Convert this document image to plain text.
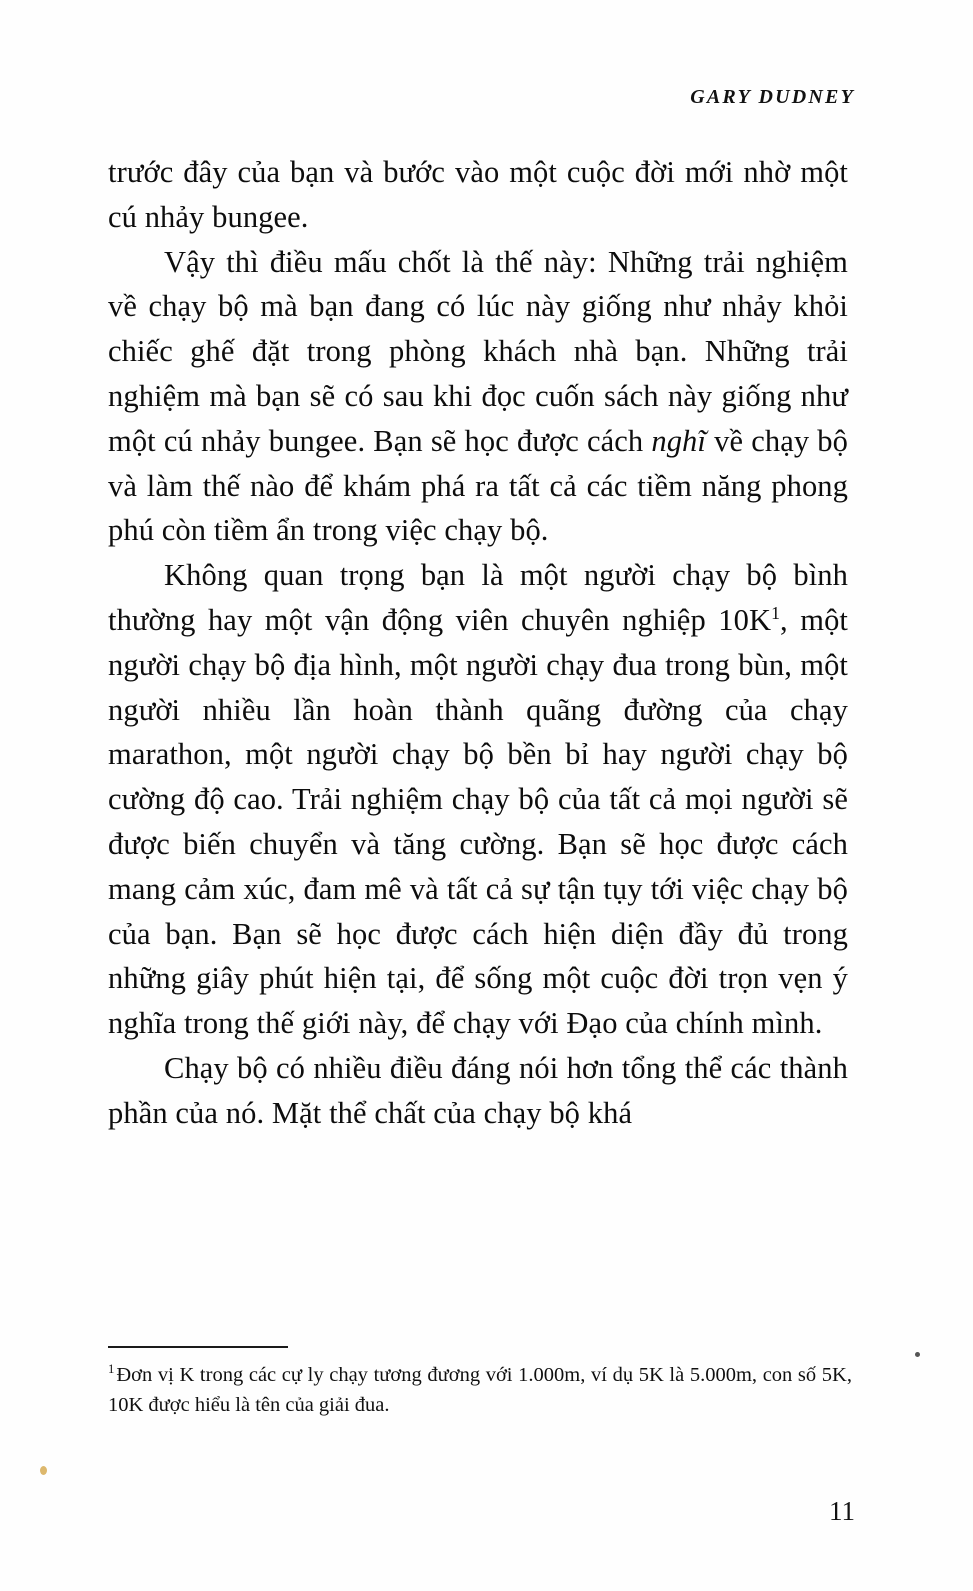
GARY DUDNEY

trước đây của bạn và bước vào một cuộc đời mới nhờ một cú nhảy bungee.

Vậy thì điều mấu chốt là thế này: Những trải nghiệm về chạy bộ mà bạn đang có lúc này giống như nhảy khỏi chiếc ghế đặt trong phòng khách nhà bạn. Những trải nghiệm mà bạn sẽ có sau khi đọc cuốn sách này giống như một cú nhảy bungee. Bạn sẽ học được cách nghĩ về chạy bộ và làm thế nào để khám phá ra tất cả các tiềm năng phong phú còn tiềm ẩn trong việc chạy bộ.

Không quan trọng bạn là một người chạy bộ bình thường hay một vận động viên chuyên nghiệp $10K^1$, một người chạy bộ địa hình, một người chạy đua trong bùn, một người nhiều lần hoàn thành quãng đường của chạy marathon, một người chạy bộ bền bỉ hay người chạy bộ cường độ cao. Trải nghiệm chạy bộ của tất cả mọi người sẽ được biến chuyển và tăng cường. Bạn sẽ học được cách mang cảm xúc, đam mê và tất cả sự tận tụy tới việc chạy bộ của bạn. Bạn sẽ học được cách hiện diện đầy đủ trong những giây phút hiện tại, để sống một cuộc đời trọn vẹn ý nghĩa trong thế giới này, để chạy với Đạo của chính mình.

Chạy bộ có nhiều điều đáng nói hơn tổng thể các thành phần của nó. Mặt thể chất của chạy bộ khá

$^1$Đơn vị K trong các cự ly chạy tương đương với 1.000m, ví dụ 5K là 5.000m, con số 5K, 10K được hiểu là tên của giải đua.
11
